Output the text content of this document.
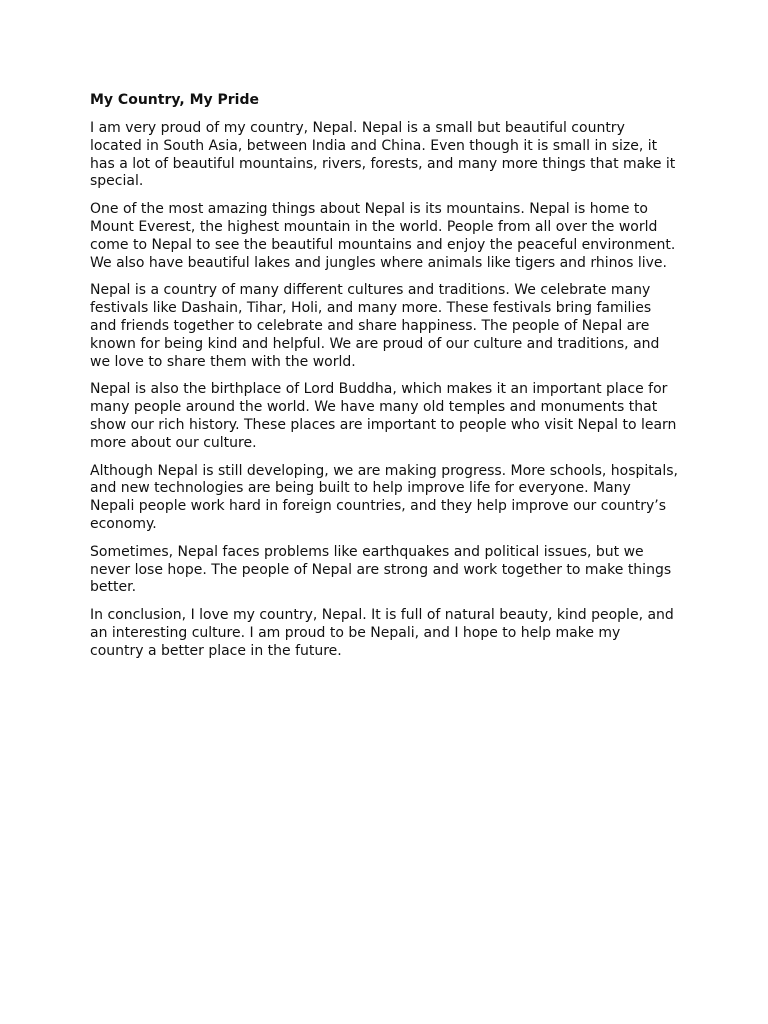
My Country, My Pride

I am very proud of my country, Nepal. Nepal is a small but beautiful country located in South Asia, between India and China. Even though it is small in size, it has a lot of beautiful mountains, rivers, forests, and many more things that make it special.

One of the most amazing things about Nepal is its mountains. Nepal is home to Mount Everest, the highest mountain in the world. People from all over the world come to Nepal to see the beautiful mountains and enjoy the peaceful environment. We also have beautiful lakes and jungles where animals like tigers and rhinos live.

Nepal is a country of many different cultures and traditions. We celebrate many festivals like Dashain, Tihar, Holi, and many more. These festivals bring families and friends together to celebrate and share happiness. The people of Nepal are known for being kind and helpful. We are proud of our culture and traditions, and we love to share them with the world.

Nepal is also the birthplace of Lord Buddha, which makes it an important place for many people around the world. We have many old temples and monuments that show our rich history. These places are important to people who visit Nepal to learn more about our culture.

Although Nepal is still developing, we are making progress. More schools, hospitals, and new technologies are being built to help improve life for everyone. Many Nepali people work hard in foreign countries, and they help improve our country’s economy.

Sometimes, Nepal faces problems like earthquakes and political issues, but we never lose hope. The people of Nepal are strong and work together to make things better.

In conclusion, I love my country, Nepal. It is full of natural beauty, kind people, and an interesting culture. I am proud to be Nepali, and I hope to help make my country a better place in the future.
